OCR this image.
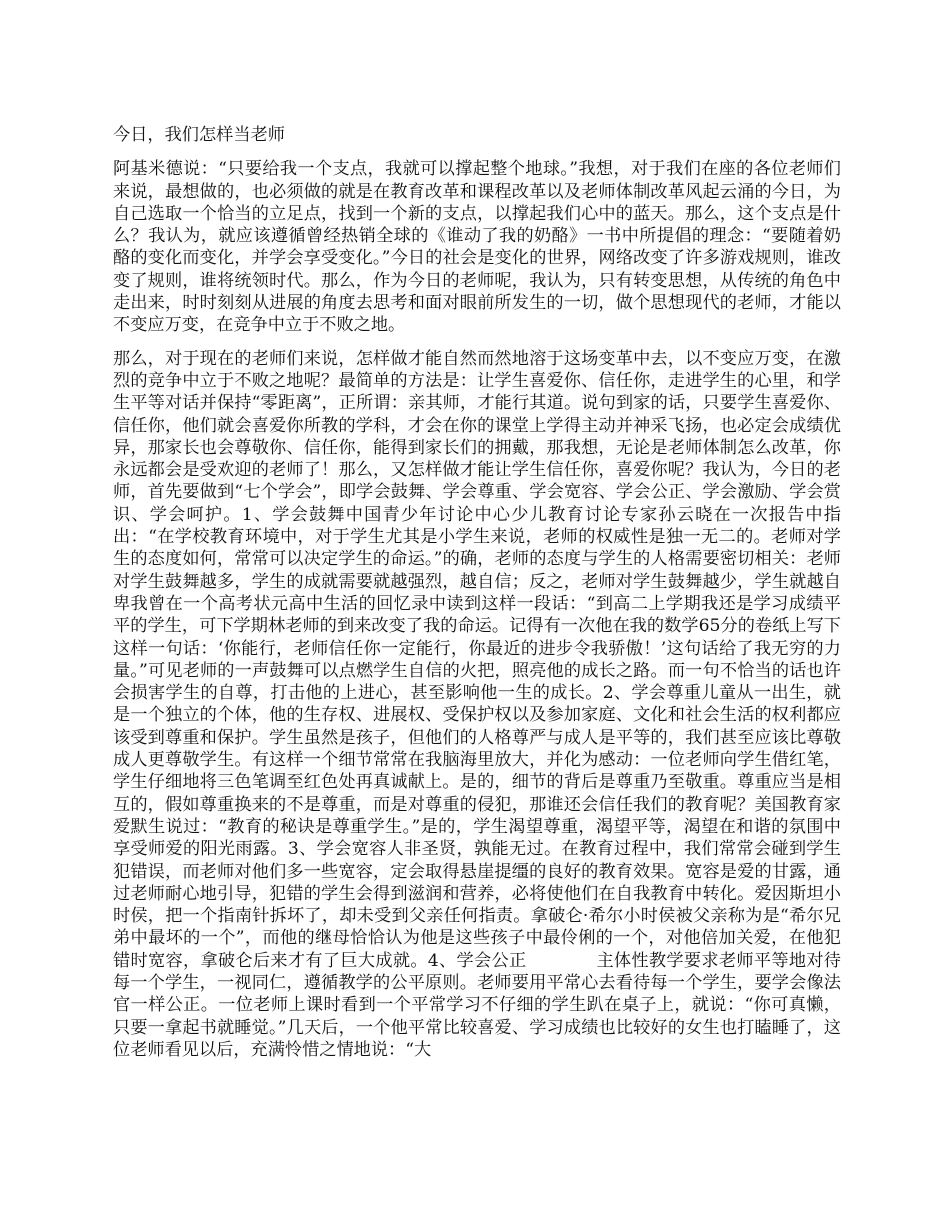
今日，我们怎样当老师

阿基米德说：“只要给我一个支点，我就可以撑起整个地球。”我想，对于我们在座的各位老师们来说，最想做的，也必须做的就是在教育改革和课程改革以及老师体制改革风起云涌的今日，为自己选取一个恰当的立足点，找到一个新的支点，以撑起我们心中的蓝天。那么，这个支点是什么？我认为，就应该遵循曾经热销全球的《谁动了我的奶酪》一书中所提倡的理念：“要随着奶酪的变化而变化，并学会享受变化。”今日的社会是变化的世界，网络改变了许多游戏规则，谁改变了规则，谁将统领时代。那么，作为今日的老师呢，我认为，只有转变思想，从传统的角色中走出来，时时刻刻从进展的角度去思考和面对眼前所发生的一切，做个思想现代的老师，才能以不变应万变，在竞争中立于不败之地。

那么，对于现在的老师们来说，怎样做才能自然而然地溶于这场变革中去，以不变应万变，在激烈的竞争中立于不败之地呢？最简单的方法是：让学生喜爱你、信任你，走进学生的心里，和学生平等对话并保持“零距离”，正所谓：亲其师，才能行其道。说句到家的话，只要学生喜爱你、信任你，他们就会喜爱你所教的学科，才会在你的课堂上学得主动并神采飞扬，也必定会成绩优异，那家长也会尊敬你、信任你，能得到家长们的拥戴，那我想，无论是老师体制怎么改革，你永远都会是受欢迎的老师了！那么，又怎样做才能让学生信任你，喜爱你呢？我认为，今日的老师，首先要做到“七个学会”，即学会鼓舞、学会尊重、学会宽容、学会公正、学会激励、学会赏识、学会呵护。1、学会鼓舞中国青少年讨论中心少儿教育讨论专家孙云晓在一次报告中指出：“在学校教育环境中，对于学生尤其是小学生来说，老师的权威性是独一无二的。老师对学生的态度如何，常常可以决定学生的命运。”的确，老师的态度与学生的人格需要密切相关：老师对学生鼓舞越多，学生的成就需要就越强烈，越自信；反之，老师对学生鼓舞越少，学生就越自卑我曾在一个高考状元高中生活的回忆录中读到这样一段话：“到高二上学期我还是学习成绩平平的学生，可下学期林老师的到来改变了我的命运。记得有一次他在我的数学65分的卷纸上写下这样一句话：‘你能行，老师信任你一定能行，你最近的进步令我骄傲！’这句话给了我无穷的力量。”可见老师的一声鼓舞可以点燃学生自信的火把，照亮他的成长之路。而一句不恰当的话也许会损害学生的自尊，打击他的上进心，甚至影响他一生的成长。2、学会尊重儿童从一出生，就是一个独立的个体，他的生存权、进展权、受保护权以及参加家庭、文化和社会生活的权利都应该受到尊重和保护。学生虽然是孩子，但他们的人格尊严与成人是平等的，我们甚至应该比尊敬成人更尊敬学生。有这样一个细节常常在我脑海里放大，并化为感动：一位老师向学生借红笔，学生仔细地将三色笔调至红色处再真诚献上。是的，细节的背后是尊重乃至敬重。尊重应当是相互的，假如尊重换来的不是尊重，而是对尊重的侵犯，那谁还会信任我们的教育呢？美国教育家爱默生说过：“教育的秘诀是尊重学生。”是的，学生渴望尊重，渴望平等，渴望在和谐的氛围中享受师爱的阳光雨露。3、学会宽容人非圣贤，孰能无过。在教育过程中，我们常常会碰到学生犯错误，而老师对他们多一些宽容，定会取得悬崖提缰的良好的教育效果。宽容是爱的甘露，通过老师耐心地引导，犯错的学生会得到滋润和营养，必将使他们在自我教育中转化。爱因斯坦小时侯，把一个指南针拆坏了，却未受到父亲任何指责。拿破仑·希尔小时侯被父亲称为是“希尔兄弟中最坏的一个”，而他的继母恰恰认为他是这些孩子中最伶俐的一个，对他倍加关爱，在他犯错时宽容，拿破仑后来才有了巨大成就。4、学会公正　　　　主体性教学要求老师平等地对待每一个学生，一视同仁，遵循教学的公平原则。老师要用平常心去看待每一个学生，要学会像法官一样公正。一位老师上课时看到一个平常学习不仔细的学生趴在桌子上，就说：“你可真懒，只要一拿起书就睡觉。”几天后，一个他平常比较喜爱、学习成绩也比较好的女生也打瞌睡了，这位老师看见以后，充满怜惜之情地说：“大
